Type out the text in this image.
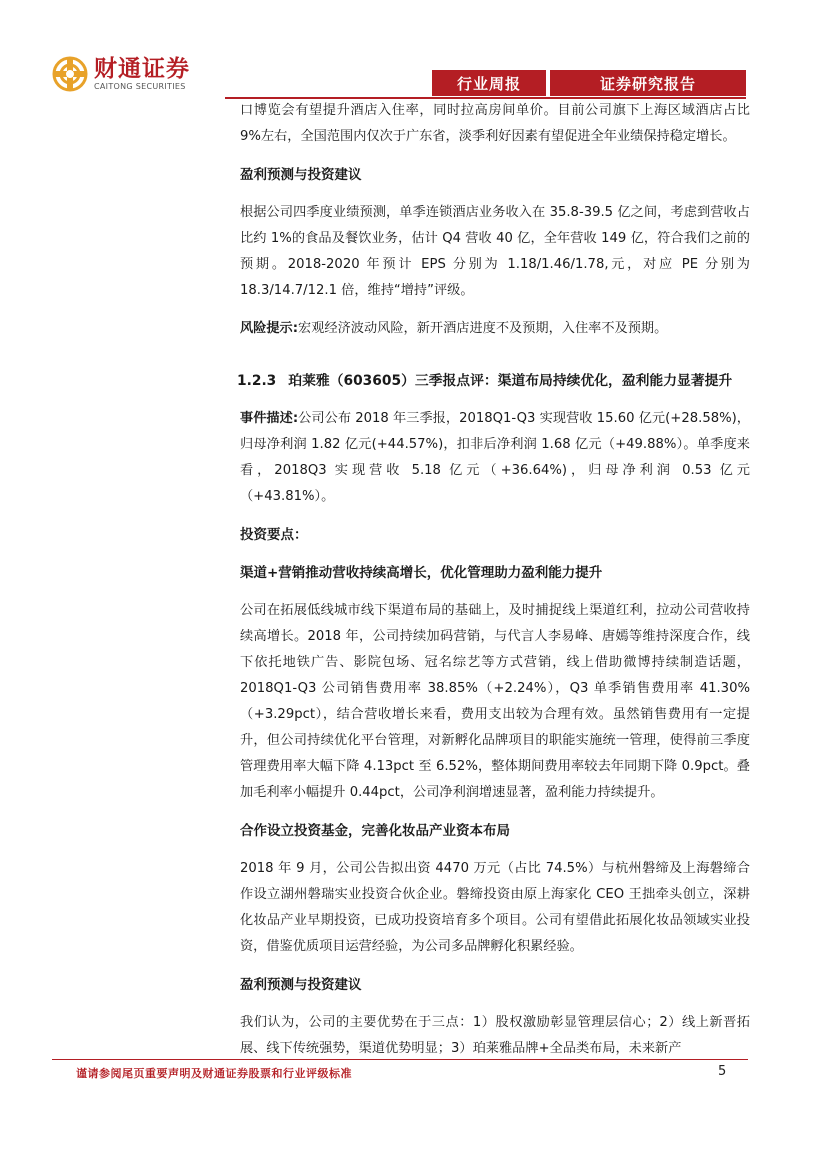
财通证券
CAITONG SECURITIES	行业周报	证券研究报告

口博览会有望提升酒店入住率，同时拉高房间单价。目前公司旗下上海区域酒店占比 9%左右，全国范围内仅次于广东省，淡季利好因素有望促进全年业绩保持稳定增长。

盈利预测与投资建议

根据公司四季度业绩预测，单季连锁酒店业务收入在 35.8-39.5 亿之间，考虑到营收占比约 1%的食品及餐饮业务，估计 Q4 营收 40 亿，全年营收 149 亿，符合我们之前的预期。2018-2020 年预计 EPS 分别为 1.18/1.46/1.78,元，对应 PE 分别为 18.3/14.7/12.1 倍，维持“增持”评级。

风险提示:宏观经济波动风险，新开酒店进度不及预期，入住率不及预期。

1.2.3 珀莱雅（603605）三季报点评：渠道布局持续优化，盈利能力显著提升

事件描述:公司公布 2018 年三季报，2018Q1-Q3 实现营收 15.60 亿元(+28.58%)，归母净利润 1.82 亿元(+44.57%)，扣非后净利润 1.68 亿元（+49.88%）。单季度来看，2018Q3 实现营收 5.18 亿元（+36.64%)，归母净利润 0.53 亿元（+43.81%）。

投资要点：

渠道+营销推动营收持续高增长，优化管理助力盈利能力提升

公司在拓展低线城市线下渠道布局的基础上，及时捕捉线上渠道红利，拉动公司营收持续高增长。2018 年，公司持续加码营销，与代言人李易峰、唐嫣等维持深度合作，线下依托地铁广告、影院包场、冠名综艺等方式营销，线上借助微博持续制造话题， 2018Q1-Q3 公司销售费用率 38.85%（+2.24%），Q3 单季销售费用率 41.30%（+3.29pct），结合营收增长来看，费用支出较为合理有效。虽然销售费用有一定提升，但公司持续优化平台管理，对新孵化品牌项目的职能实施统一管理，使得前三季度管理费用率大幅下降 4.13pct 至 6.52%，整体期间费用率较去年同期下降 0.9pct。叠加毛利率小幅提升 0.44pct，公司净利润增速显著，盈利能力持续提升。

合作设立投资基金，完善化妆品产业资本布局

2018 年 9 月，公司公告拟出资 4470 万元（占比 74.5%）与杭州磐缔及上海磐缔合作设立湖州磐瑞实业投资合伙企业。磐缔投资由原上海家化 CEO 王拙牵头创立，深耕化妆品产业早期投资，已成功投资培育多个项目。公司有望借此拓展化妆品领域实业投资，借鉴优质项目运营经验，为公司多品牌孵化积累经验。

盈利预测与投资建议

我们认为，公司的主要优势在于三点：1）股权激励彰显管理层信心；2）线上新晋拓展、线下传统强势，渠道优势明显；3）珀莱雅品牌+全品类布局，未来新产

谨请参阅尾页重要声明及财通证券股票和行业评级标准	5
